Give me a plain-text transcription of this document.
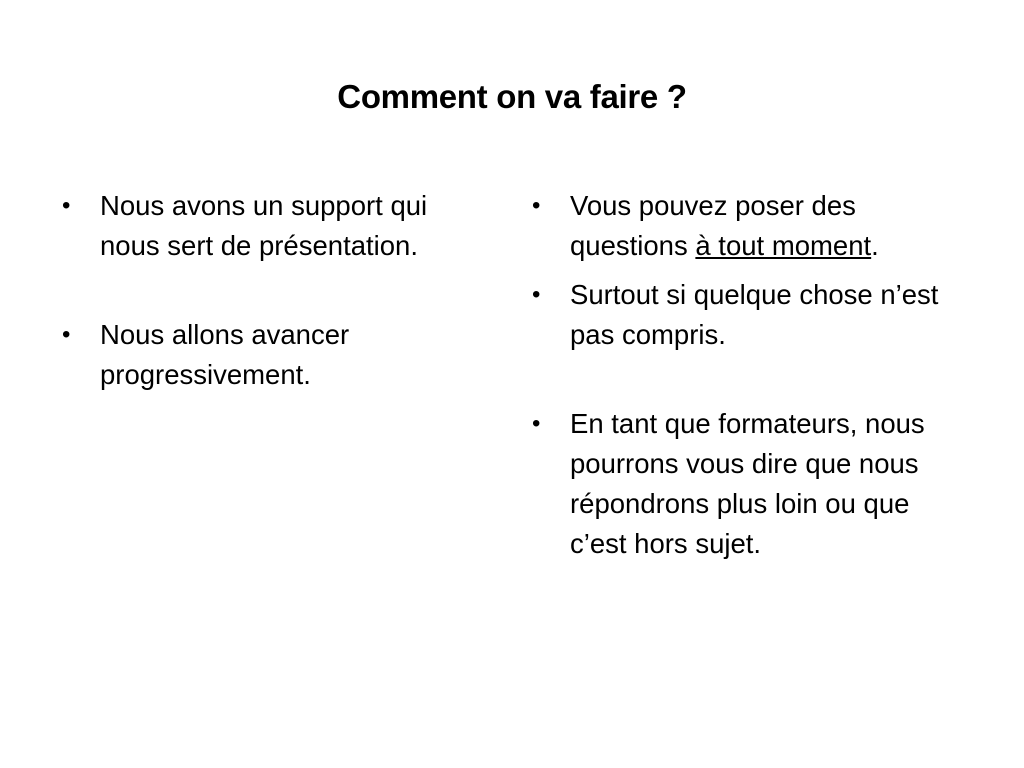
Comment on va faire ?
•	Nous avons un support qui nous sert de présentation.
•	Nous allons avancer progressivement.
•	Vous pouvez poser des questions à tout moment.
•	Surtout si quelque chose n’est pas compris.
•	En tant que formateurs, nous pourrons vous dire que nous répondrons plus loin ou que c’est hors sujet.
